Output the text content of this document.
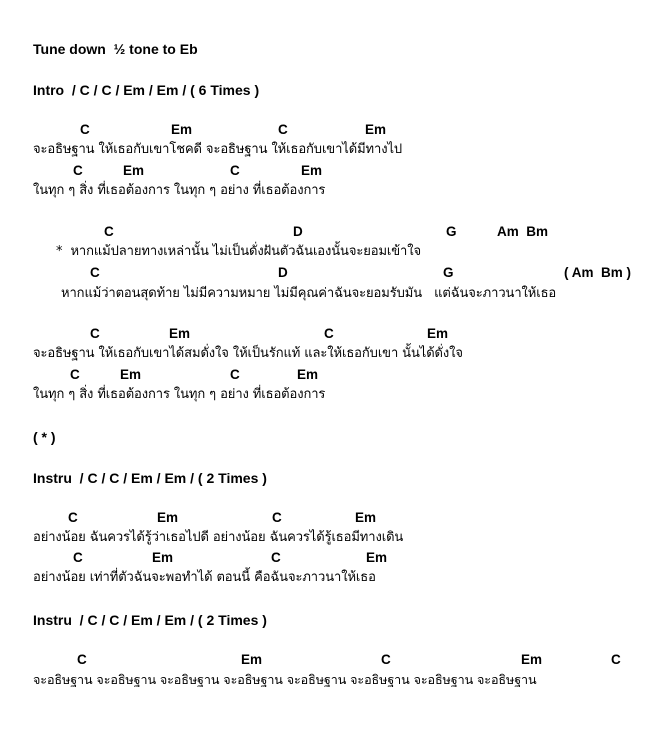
Tune down  ½ tone to Eb
Intro  / C / C / Em / Em / ( 6 Times )
C	Em	C	Em
จะอธิษฐาน ให้เธอกับเขาโชคดี จะอธิษฐาน ให้เธอกับเขาได้มีทางไป
C	Em	C	Em
ในทุก ๆ สิ่ง ที่เธอต้องการ ในทุก ๆ อย่าง ที่เธอต้องการ
C	D	G	Am  Bm
*  หากแม้ปลายทางเหล่านั้น ไม่เป็นดั่งฝันตัวฉันเองนั้นจะยอมเข้าใจ
C	D	G	( Am  Bm )
หากแม้ว่าตอนสุดท้าย ไม่มีความหมาย ไม่มีคุณค่าฉันจะยอมรับมัน   แต่ฉันจะภาวนาให้เธอ
C	Em	C	Em
จะอธิษฐาน ให้เธอกับเขาได้สมดั่งใจ ให้เป็นรักแท้ และให้เธอกับเขา นั้นได้ดั่งใจ
C	Em	C	Em
ในทุก ๆ สิ่ง ที่เธอต้องการ ในทุก ๆ อย่าง ที่เธอต้องการ
( * )
Instru  / C / C / Em / Em / ( 2 Times )
C	Em	C	Em
อย่างน้อย ฉันควรได้รู้ว่าเธอไปดี อย่างน้อย ฉันควรได้รู้เธอมีทางเดิน
C	Em	C	Em
อย่างน้อย เท่าที่ตัวฉันจะพอทำได้ ตอนนี้ คือฉันจะภาวนาให้เธอ
Instru  / C / C / Em / Em / ( 2 Times )
C	Em	C	Em	C
จะอธิษฐาน จะอธิษฐาน จะอธิษฐาน จะอธิษฐาน จะอธิษฐาน จะอธิษฐาน จะอธิษฐาน จะอธิษฐาน
